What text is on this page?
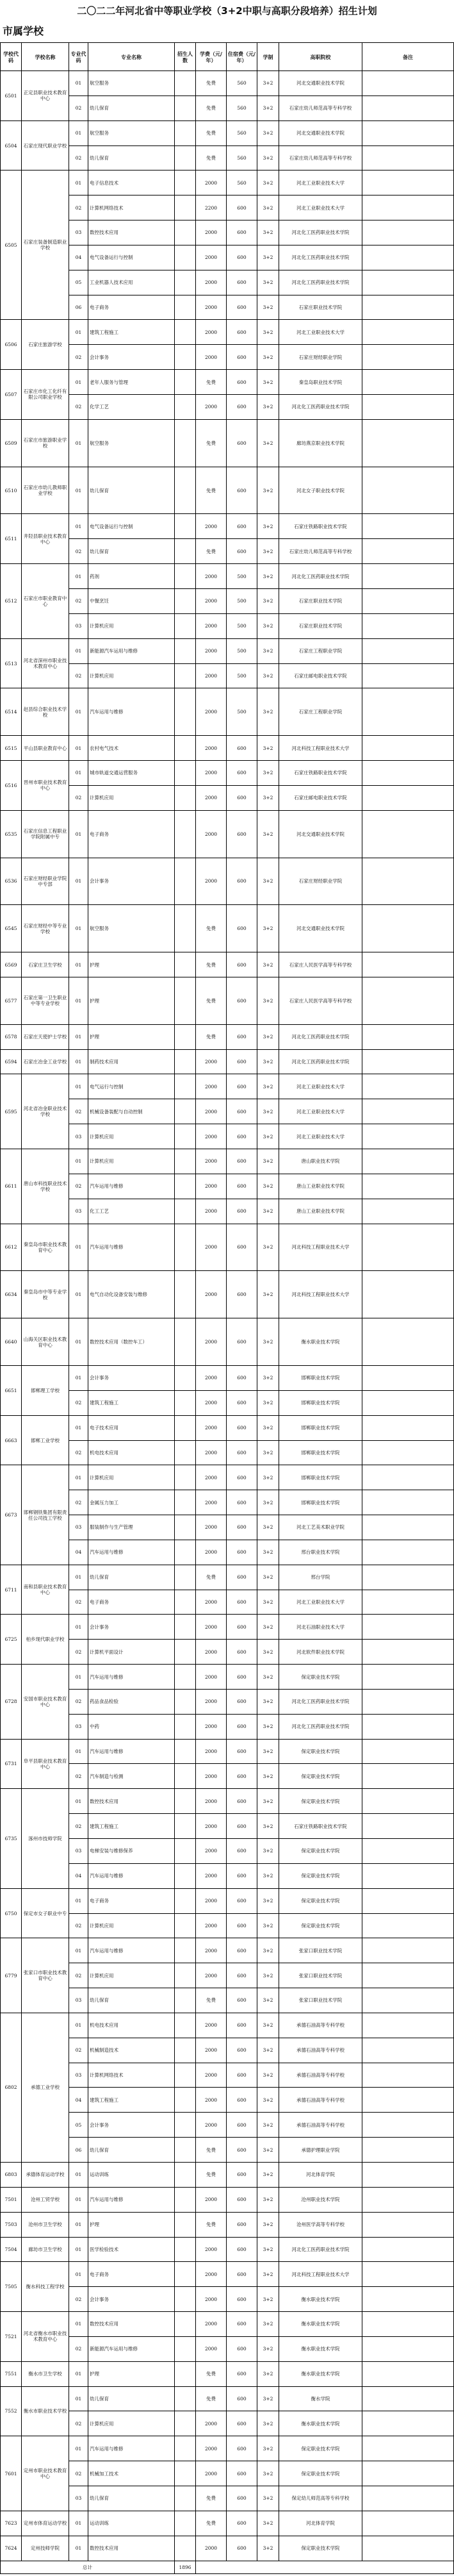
二〇二二年河北省中等职业学校（3+2中职与高职分段培养）招生计划
市属学校
学校代码	学校名称	专业代码	专业名称	招生人数	学费（元/年）	住宿费（元/年）	学制	高职院校	备注
6501	正定县职业技术教育中心	01	航空服务		免费	560	3+2	河北交通职业技术学院	
		02	幼儿保育		免费	560	3+2	石家庄幼儿师范高等专科学校	
6504	石家庄现代职业学校	01	航空服务		免费	560	3+2	河北交通职业技术学院	
		02	幼儿保育		免费	560	3+2	石家庄幼儿师范高等专科学校	
6505	石家庄装备制造职业学校	01	电子信息技术		2000	560	3+2	河北工业职业技术大学	
		02	计算机网络技术		2200	600	3+2	河北工业职业技术大学	
		03	数控技术应用		2000	600	3+2	河北化工医药职业技术学院	
		04	电气设备运行与控制		2000	600	3+2	河北化工医药职业技术学院	
		05	工业机器人技术应用		2000	600	3+2	河北化工医药职业技术学院	
		06	电子商务		2000	600	3+2	石家庄职业技术学院	
6506	石家庄旅游学校	01	建筑工程施工		2000	600	3+2	河北工业职业技术大学	
		02	会计事务		2000	600	3+2	石家庄财经职业学院	
6507	石家庄市化工化纤有限公司职业学校	01	老年人服务与管理		免费	600	3+2	秦皇岛职业技术学院	
		02	化学工艺		2000	600	3+2	河北化工医药职业技术学院	
6509	石家庄市旅游职业学校	01	航空服务		免费	600	3+2	廊坊燕京职业技术学院	
6510	石家庄市幼儿教师职业学校	01	幼儿保育		免费	600	3+2	河北女子职业技术学院	
6511	井陉县职业技术教育中心	01	电气设备运行与控制		2000	600	3+2	石家庄铁路职业技术学院	
		02	幼儿保育		免费	600	3+2	石家庄幼儿师范高等专科学校	
6512	石家庄市职业教育中心	01	药剂		2000	500	3+2	河北化工医药职业技术学院	
		02	中餐烹饪		2000	500	3+2	石家庄职业技术学院	
		03	计算机应用		2000	500	3+2	石家庄职业技术学院	
6513	河北省深州市职业技术教育中心	01	新能源汽车运用与维修		2000	500	3+2	石家庄工程职业学院	
		02	计算机应用		2000	500	3+2	石家庄邮电职业技术学院	
6514	赵县综合职业技术学校	01	汽车运用与维修		2000	500	3+2	石家庄工程职业学院	
6515	平山县职业教育中心	01	农村电气技术		2000	600	3+2	河北科技工程职业技术大学	
6516	晋州市职业技术教育中心	01	城市轨道交通运营服务		2000	600	3+2	石家庄铁路职业技术学院	
		02	计算机应用		2000	600	3+2	石家庄邮电职业技术学院	
6535	石家庄信息工程职业学院附属中专	01	电子商务		2000	600	3+2	河北交通职业技术学院	
6536	石家庄财经职业学院中专部	01	会计事务		2000	600	3+2	石家庄财经职业学院	
6545	石家庄财经中等专业学校	01	航空服务		免费	600	3+2	河北交通职业技术学院	
6569	石家庄卫生学校	01	护理		免费	600	3+2	石家庄人民医学高等专科学校	
6577	石家庄第一卫生职业中等专业学校	01	护理		免费	600	3+2	石家庄人民医学高等专科学校	
6578	石家庄天使护士学校	01	护理		免费	600	3+2	河北化工医药职业技术学院	
6594	石家庄冶金工业学校	01	制药技术应用		2000	600	3+2	河北化工医药职业技术学院	
6595	河北省冶金职业技术学校	01	电气运行与控制		2000	600	3+2	河北工业职业技术大学	
		02	机械设备装配与自动控制		2000	600	3+2	河北工业职业技术大学	
		03	计算机应用		2000	600	3+2	河北工业职业技术大学	
6611	唐山市科技职业技术学校	01	计算机应用		2000	600	3+2	唐山职业技术学院	
		02	汽车运用与维修		2000	600	3+2	唐山工业职业技术学院	
		03	化工工艺		2000	600	3+2	唐山工业职业技术学院	
6612	秦皇岛市职业技术教育中心	01	汽车运用与维修		2000	600	3+2	河北科技工程职业技术大学	
6634	秦皇岛市中等专业学校	01	电气自动化设备安装与维修		2000	600	3+2	河北科技工程职业技术大学	
6640	山海关区职业技术教育中心	01	数控技术应用（数控车工）		2000	600	3+2	衡水职业技术学院	
6651	邯郸理工学校	01	会计事务		2000	600	3+2	邯郸职业技术学院	
		02	建筑工程施工		2000	600	3+2	邯郸职业技术学院	
6663	邯郸工业学校	01	电子技术应用		2000	600	3+2	邯郸职业技术学院	
		02	机电技术应用		2000	600	3+2	邯郸职业技术学院	
6673	邯郸钢铁集团有限责任公司技工学校	01	计算机应用		2000	600	3+2	邯郸职业技术学院	
		02	金属压力加工		2000	600	3+2	邯郸职业技术学院	
		03	服装制作与生产管理		2000	600	3+2	河北工艺美术职业学院	
		04	汽车运用与维修		2000	600	3+2	邢台职业技术学院	
6711	南和县职业技术教育中心	01	幼儿保育		免费	600	3+2	邢台学院	
		02	电子商务		2000	600	3+2	河北工业职业技术大学	
6725	柏乡现代职业学校	01	会计事务		2000	600	3+2	河北石油职业技术大学	
		02	计算机平面设计		2000	600	3+2	河北软件职业技术学院	
6728	安国市职业技术教育中心	01	汽车运用与维修		2000	600	3+2	保定职业技术学院	
		02	药品食品检验		2000	600	3+2	河北化工医药职业技术学院	
		03	中药		2000	600	3+2	河北化工医药职业技术学院	
6731	阜平县职业技术教育中心	01	汽车运用与维修		2000	600	3+2	保定职业技术学院	
		02	汽车制造与检测		2000	600	3+2	保定职业技术学院	
6735	涿州市技师学院	01	数控技术应用		2000	600	3+2	保定职业技术学院	
		02	建筑工程施工		2000	600	3+2	石家庄铁路职业技术学院	
		03	电梯安装与维修保养		2000	600	3+2	保定职业技术学院	
		04	汽车运用与维修		2000	600	3+2	保定职业技术学院	
6750	保定市女子职业中专	01	电子商务		2000	600	3+2	保定职业技术学院	
		02	计算机应用		2000	600	3+2	保定职业技术学院	
6779	张家口市职业技术教育中心	01	汽车运用与维修		2000	600	3+2	张家口职业技术学院	
		02	计算机应用		2000	600	3+2	张家口职业技术学院	
		03	幼儿保育		免费	600	3+2	张家口职业技术学院	
6802	承德工业学校	01	机电技术应用		2000	600	3+2	承德石油高等专科学校	
		02	机械制造技术		2000	600	3+2	承德石油高等专科学校	
		03	计算机网络技术		2000	600	3+2	承德石油高等专科学校	
		04	建筑工程施工		2000	600	3+2	承德石油高等专科学校	
		05	会计事务		2000	600	3+2	承德石油高等专科学校	
		06	幼儿保育		免费	600	3+2	承德护理职业学院	
6803	承德体育运动学校	01	运动训练		免费	600	3+2	河北体育学院	
7501	沧州工贸学校	01	汽车运用与维修		2000	600	3+2	沧州职业技术学院	
7503	沧州市卫生学校	01	护理		免费	600	3+2	沧州医学高等专科学校	
7504	廊坊市卫生学校	01	医学检验技术		2000	600	3+2	河北化工医药职业技术学院	
7505	衡水科技工程学校	01	电子商务		2000	600	3+2	河北科技工程职业技术大学	
		02	会计事务		2000	600	3+2	衡水职业技术学院	
7521	河北省衡水市职业技术教育中心	01	数控技术应用		2000	600	3+2	衡水职业技术学院	
		02	新能源汽车运用与维修		2000	600	3+2	衡水职业技术学院	
7551	衡水市卫生学校	01	护理		免费	600	3+2	衡水职业技术学院	
7552	衡水市职业技术学校	01	幼儿保育		免费	600	3+2	衡水学院	
		02	计算机应用		2000	600	3+2	衡水职业技术学院	
7601	定州市职业技术教育中心	01	汽车运用与维修		2000	600	3+2	保定职业技术学院	
		02	机械加工技术		2000	600	3+2	保定职业技术学院	
		03	幼儿保育		免费	600	3+2	保定幼儿师范高等专科学校	
7623	定州市体育运动学校	01	运动训练		免费	600	3+2	河北体育学院	
7624	定州技师学院	01	数控技术应用		2000	600	3+2	保定职业技术学院	
总计				1896					
